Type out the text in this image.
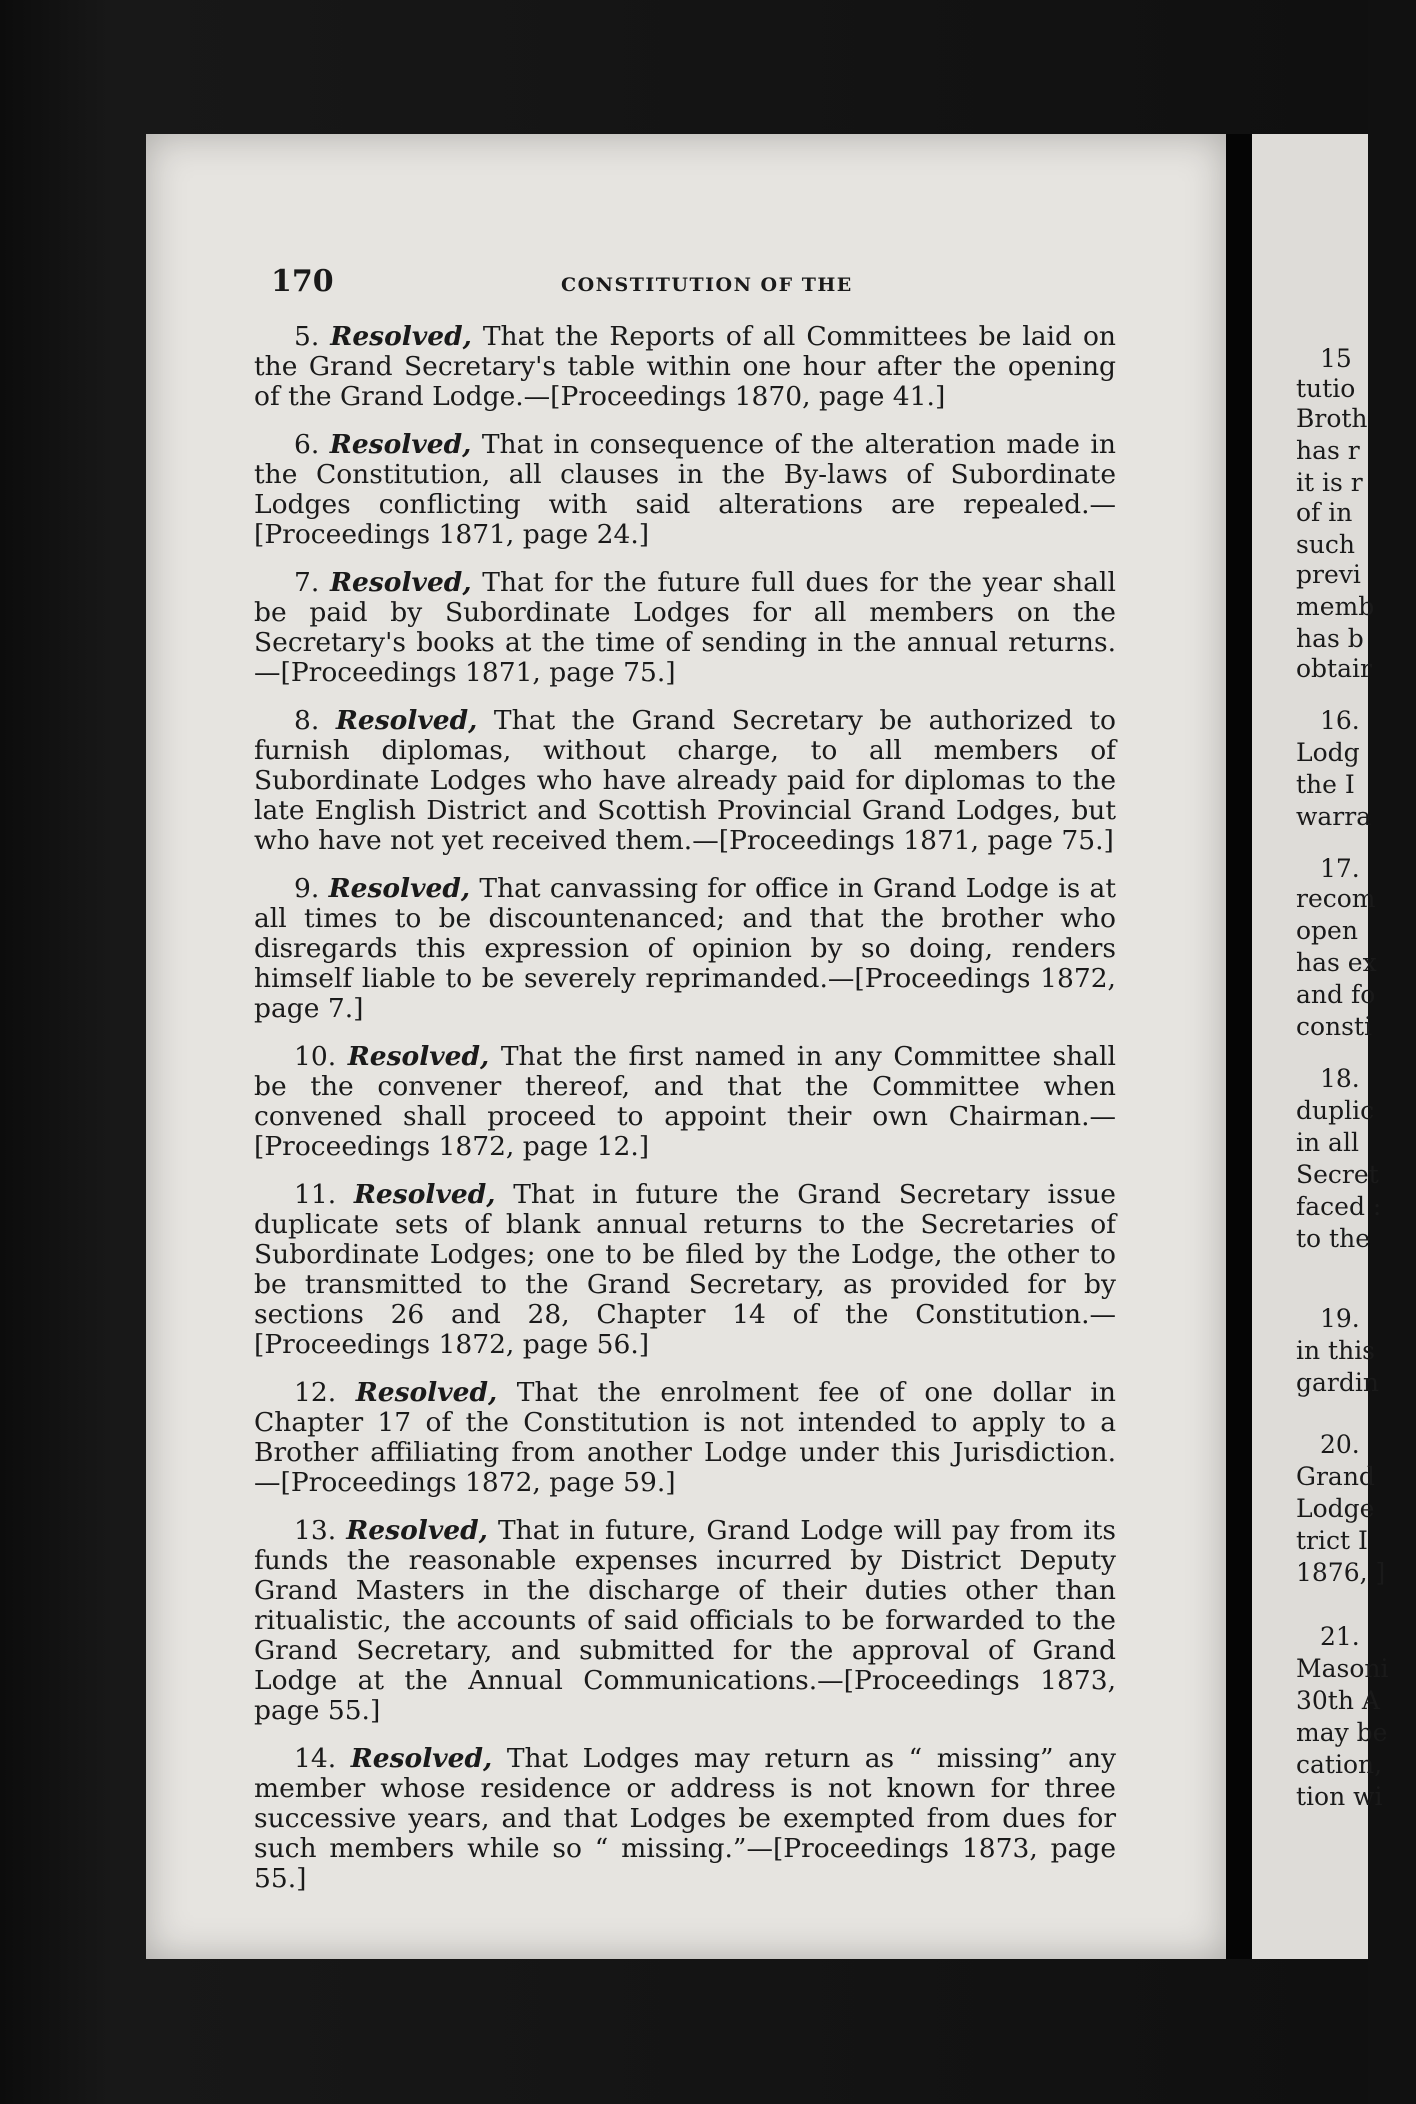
170	CONSTITUTION OF THE

5. Resolved, That the Reports of all Committees be laid on the Grand Secretary's table within one hour after the opening of the Grand Lodge.—[Proceedings 1870, page 41.]

6. Resolved, That in consequence of the alteration made in the Constitution, all clauses in the By-laws of Subordinate Lodges conflicting with said alterations are repealed.—[Proceedings 1871, page 24.]

7. Resolved, That for the future full dues for the year shall be paid by Subordinate Lodges for all members on the Secretary's books at the time of sending in the annual returns.—[Proceedings 1871, page 75.]

8. Resolved, That the Grand Secretary be authorized to furnish diplomas, without charge, to all members of Subordinate Lodges who have already paid for diplomas to the late English District and Scottish Provincial Grand Lodges, but who have not yet received them.—[Proceedings 1871, page 75.]

9. Resolved, That canvassing for office in Grand Lodge is at all times to be discountenanced; and that the brother who disregards this expression of opinion by so doing, renders himself liable to be severely reprimanded.—[Proceedings 1872, page 7.]

10. Resolved, That the first named in any Committee shall be the convener thereof, and that the Committee when convened shall proceed to appoint their own Chairman.—[Proceedings 1872, page 12.]

11. Resolved, That in future the Grand Secretary issue duplicate sets of blank annual returns to the Secretaries of Subordinate Lodges; one to be filed by the Lodge, the other to be transmitted to the Grand Secretary, as provided for by sections 26 and 28, Chapter 14 of the Constitution.—[Proceedings 1872, page 56.]

12. Resolved, That the enrolment fee of one dollar in Chapter 17 of the Constitution is not intended to apply to a Brother affiliating from another Lodge under this Jurisdiction.—[Proceedings 1872, page 59.]

13. Resolved, That in future, Grand Lodge will pay from its funds the reasonable expenses incurred by District Deputy Grand Masters in the discharge of their duties other than ritualistic, the accounts of said officials to be forwarded to the Grand Secretary, and submitted for the approval of Grand Lodge at the Annual Communications.—[Proceedings 1873, page 55.]

14. Resolved, That Lodges may return as “ missing” any member whose residence or address is not known for three successive years, and that Lodges be exempted from dues for such members while so “ missing.”—[Proceedings 1873, page 55.]

15
tutio
Broth
has r
it is r
of in
such
previ
memb
has b
obtair
16.
Lodg
the I
warra
17.
recom
open
has ex
and fo
consti
18.
duplic
in all
Secret
faced :
to the
19.
in this
gardin
20.
Grand
Lodge
trict I
1876, ]
21.
Masoni
30th A
may be
cation,
tion wi
